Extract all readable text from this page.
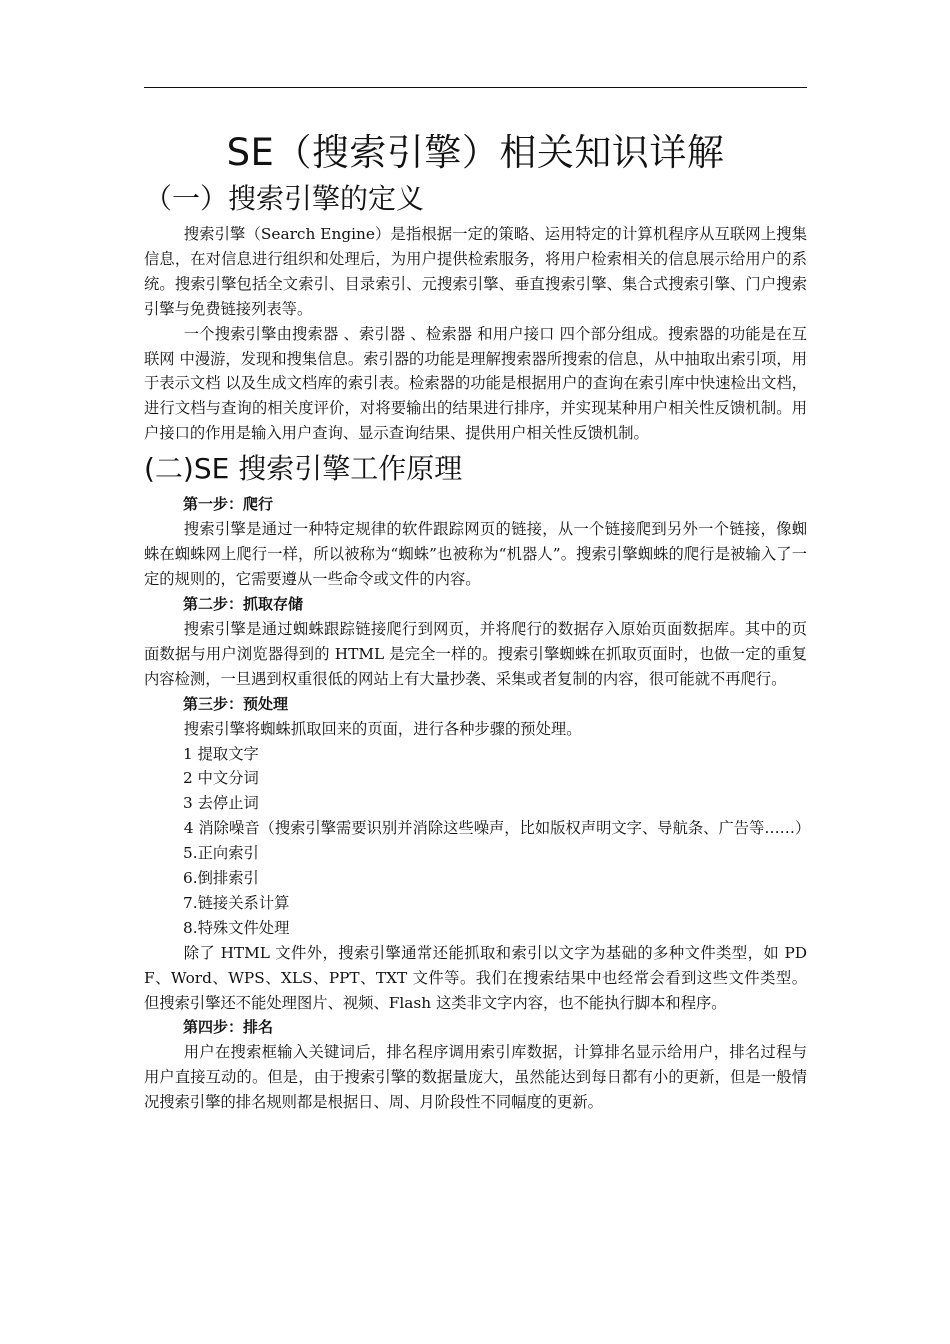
SE（搜索引擎）相关知识详解
（一）搜索引擎的定义

搜索引擎（Search Engine）是指根据一定的策略、运用特定的计算机程序从互联网上搜集信息，在对信息进行组织和处理后，为用户提供检索服务，将用户检索相关的信息展示给用户的系统。搜索引擎包括全文索引、目录索引、元搜索引擎、垂直搜索引擎、集合式搜索引擎、门户搜索引擎与免费链接列表等。

一个搜索引擎由搜索器 、索引器 、检索器 和用户接口 四个部分组成。搜索器的功能是在互联网 中漫游，发现和搜集信息。索引器的功能是理解搜索器所搜索的信息，从中抽取出索引项，用于表示文档 以及生成文档库的索引表。检索器的功能是根据用户的查询在索引库中快速检出文档，进行文档与查询的相关度评价，对将要输出的结果进行排序，并实现某种用户相关性反馈机制。用户接口的作用是输入用户查询、显示查询结果、提供用户相关性反馈机制。

(二)SE 搜索引擎工作原理

第一步：爬行

搜索引擎是通过一种特定规律的软件跟踪网页的链接，从一个链接爬到另外一个链接，像蜘蛛在蜘蛛网上爬行一样，所以被称为“蜘蛛”也被称为“机器人”。搜索引擎蜘蛛的爬行是被输入了一定的规则的，它需要遵从一些命令或文件的内容。

第二步：抓取存储

搜索引擎是通过蜘蛛跟踪链接爬行到网页，并将爬行的数据存入原始页面数据库。其中的页面数据与用户浏览器得到的 HTML 是完全一样的。搜索引擎蜘蛛在抓取页面时，也做一定的重复内容检测，一旦遇到权重很低的网站上有大量抄袭、采集或者复制的内容，很可能就不再爬行。

第三步：预处理

搜索引擎将蜘蛛抓取回来的页面，进行各种步骤的预处理。

1 提取文字

2 中文分词

3 去停止词

4 消除噪音（搜索引擎需要识别并消除这些噪声，比如版权声明文字、导航条、广告等……）

5.正向索引

6.倒排索引

7.链接关系计算

8.特殊文件处理

除了 HTML 文件外，搜索引擎通常还能抓取和索引以文字为基础的多种文件类型，如 PDF、Word、WPS、XLS、PPT、TXT 文件等。我们在搜索结果中也经常会看到这些文件类型。 但搜索引擎还不能处理图片、视频、Flash 这类非文字内容，也不能执行脚本和程序。

第四步：排名

用户在搜索框输入关键词后，排名程序调用索引库数据，计算排名显示给用户，排名过程与用户直接互动的。但是，由于搜索引擎的数据量庞大，虽然能达到每日都有小的更新，但是一般情况搜索引擎的排名规则都是根据日、周、月阶段性不同幅度的更新。
